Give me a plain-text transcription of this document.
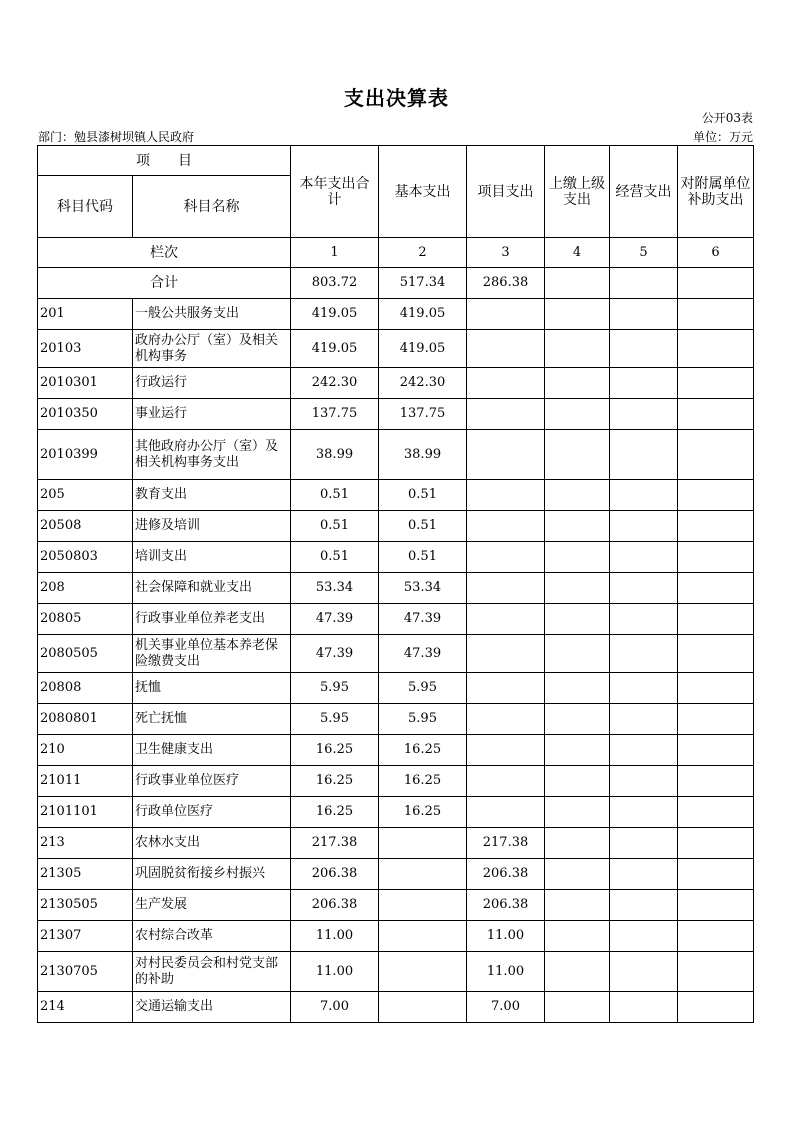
支出决算表
公开03表
部门：勉县漆树坝镇人民政府	单位：万元
项　　目		本年支出合计	基本支出	项目支出	上缴上级支出	经营支出	对附属单位补助支出
科目代码	科目名称						
栏次		1	2	3	4	5	6
合计		803.72	517.34	286.38			
201	一般公共服务支出	419.05	419.05				
20103	政府办公厅（室）及相关机构事务	419.05	419.05				
2010301	行政运行	242.30	242.30				
2010350	事业运行	137.75	137.75				
2010399	其他政府办公厅（室）及相关机构事务支出	38.99	38.99				
205	教育支出	0.51	0.51				
20508	进修及培训	0.51	0.51				
2050803	培训支出	0.51	0.51				
208	社会保障和就业支出	53.34	53.34				
20805	行政事业单位养老支出	47.39	47.39				
2080505	机关事业单位基本养老保险缴费支出	47.39	47.39				
20808	抚恤	5.95	5.95				
2080801	死亡抚恤	5.95	5.95				
210	卫生健康支出	16.25	16.25				
21011	行政事业单位医疗	16.25	16.25				
2101101	行政单位医疗	16.25	16.25				
213	农林水支出	217.38		217.38			
21305	巩固脱贫衔接乡村振兴	206.38		206.38			
2130505	生产发展	206.38		206.38			
21307	农村综合改革	11.00		11.00			
2130705	对村民委员会和村党支部的补助	11.00		11.00			
214	交通运输支出	7.00		7.00			
